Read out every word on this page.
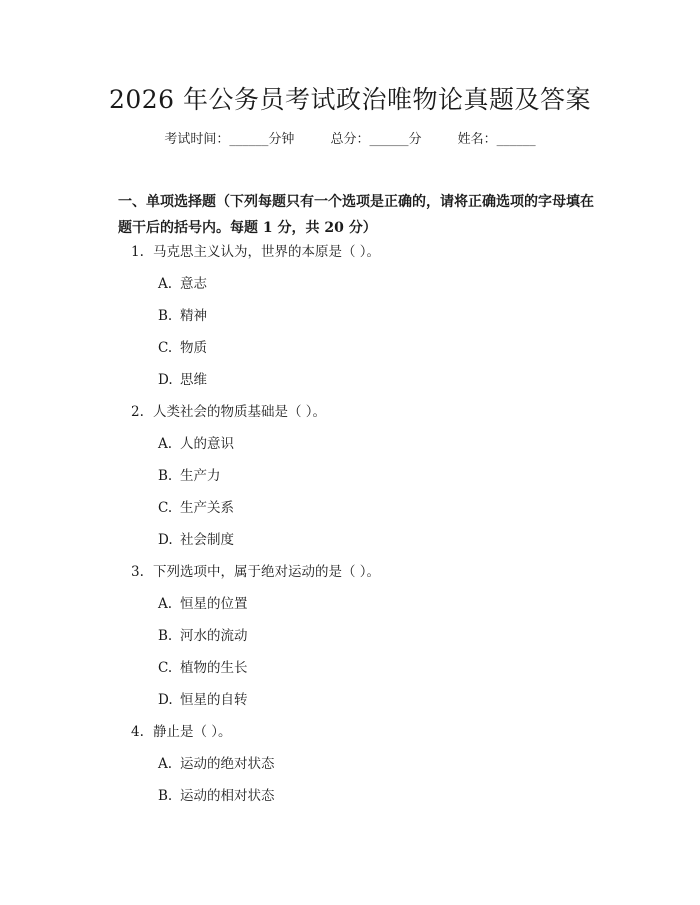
2026 年公务员考试政治唯物论真题及答案
考试时间：______分钟	总分：______分	姓名：______
一、单项选择题（下列每题只有一个选项是正确的，请将正确选项的字母填在题干后的括号内。每题 1 分，共 20 分）
1. 马克思主义认为，世界的本原是（ ）。
A. 意志
B. 精神
C. 物质
D. 思维
2. 人类社会的物质基础是（ ）。
A. 人的意识
B. 生产力
C. 生产关系
D. 社会制度
3. 下列选项中，属于绝对运动的是（ ）。
A. 恒星的位置
B. 河水的流动
C. 植物的生长
D. 恒星的自转
4. 静止是（ ）。
A. 运动的绝对状态
B. 运动的相对状态
